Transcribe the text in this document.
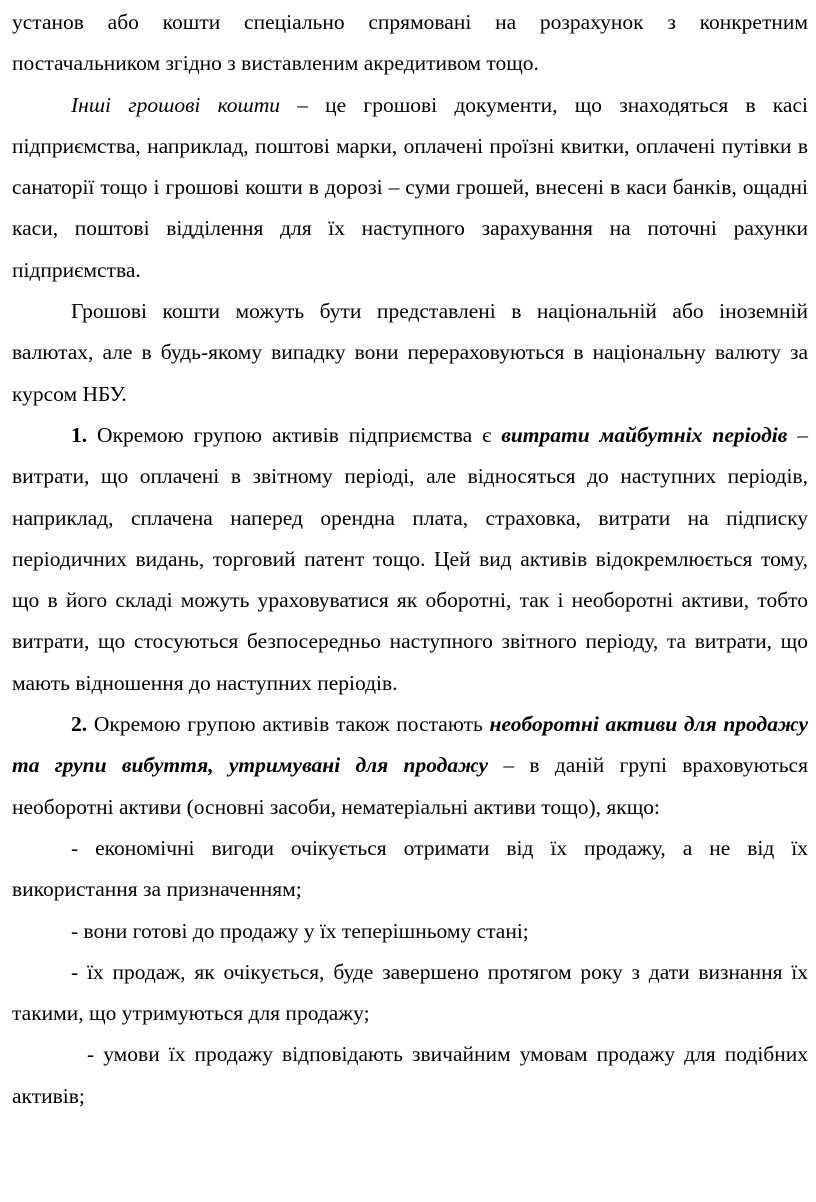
установ або кошти спеціально спрямовані на розрахунок з конкретним постачальником згідно з виставленим акредитивом тощо.

Інші грошові кошти – це грошові документи, що знаходяться в касі підприємства, наприклад, поштові марки, оплачені проїзні квитки, оплачені путівки в санаторії тощо і грошові кошти в дорозі – суми грошей, внесені в каси банків, ощадні каси, поштові відділення для їх наступного зарахування на поточні рахунки підприємства.

Грошові кошти можуть бути представлені в національній або іноземній валютах, але в будь-якому випадку вони перераховуються в національну валюту за курсом НБУ.

1. Окремою групою активів підприємства є витрати майбутніх періодів – витрати, що оплачені в звітному періоді, але відносяться до наступних періодів, наприклад, сплачена наперед орендна плата, страховка, витрати на підписку періодичних видань, торговий патент тощо. Цей вид активів відокремлюється тому, що в його складі можуть ураховуватися як оборотні, так і необоротні активи, тобто витрати, що стосуються безпосередньо наступного звітного періоду, та витрати, що мають відношення до наступних періодів.

2. Окремою групою активів також постають необоротні активи для продажу та групи вибуття, утримувані для продажу – в даній групі враховуються необоротні активи (основні засоби, нематеріальні активи тощо), якщо:

- економічні вигоди очікується отримати від їх продажу, а не від їх використання за призначенням;

- вони готові до продажу у їх теперішньому стані;

- їх продаж, як очікується, буде завершено протягом року з дати визнання їх такими, що утримуються для продажу;

- умови їх продажу відповідають звичайним умовам продажу для подібних активів;
